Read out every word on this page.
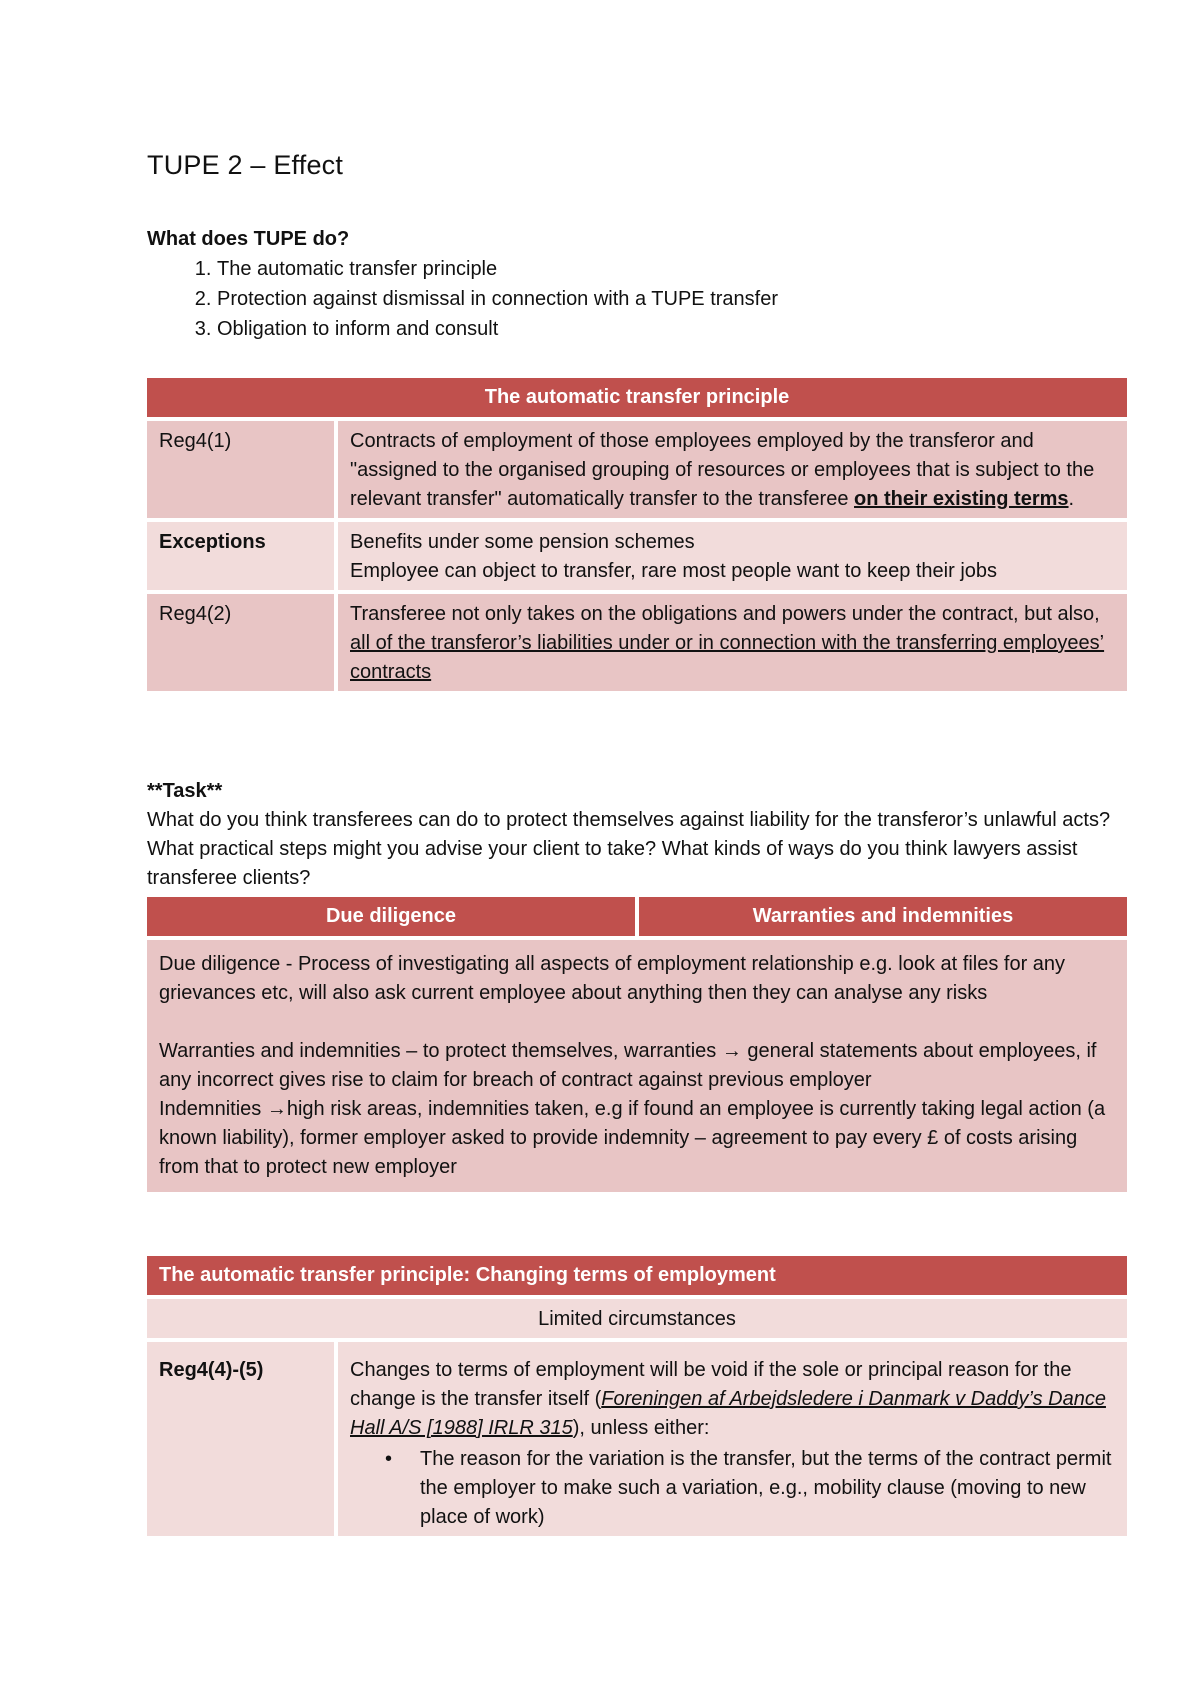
TUPE 2 – Effect
What does TUPE do?
1. The automatic transfer principle
2. Protection against dismissal in connection with a TUPE transfer
3. Obligation to inform and consult
The automatic transfer principle	
Reg4(1)	Contracts of employment of those employees employed by the transferor and "assigned to the organised grouping of resources or employees that is subject to the relevant transfer" automatically transfer to the transferee on their existing terms.
Exceptions	Benefits under some pension schemes
Employee can object to transfer, rare most people want to keep their jobs

Reg4(2)	Transferee not only takes on the obligations and powers under the contract, but also, all of the transferor’s liabilities under or in connection with the transferring employees’ contracts
**Task**
What do you think transferees can do to protect themselves against liability for the transferor’s unlawful acts? What practical steps might you advise your client to take? What kinds of ways do you think lawyers assist transferee clients?
Due diligence	Warranties and indemnities

Due diligence - Process of investigating all aspects of employment relationship e.g. look at files for any grievances etc, will also ask current employee about anything then they can analyse any risks
Warranties and indemnities – to protect themselves, warranties → general statements about employees, if any incorrect gives rise to claim for breach of contract against previous employer
Indemnities →high risk areas, indemnities taken, e.g if found an employee is currently taking legal action (a known liability), former employer asked to provide indemnity – agreement to pay every £ of costs arising from that to protect new employer
The automatic transfer principle: Changing terms of employment
Limited circumstances
Reg4(4)-(5)	Changes to terms of employment will be void if the sole or principal reason for the change is the transfer itself (Foreningen af Arbejdsledere i Danmark v Daddy’s Dance Hall A/S [1988] IRLR 315), unless either:
• The reason for the variation is the transfer, but the terms of the contract permit the employer to make such a variation, e.g., mobility clause (moving to new place of work)
